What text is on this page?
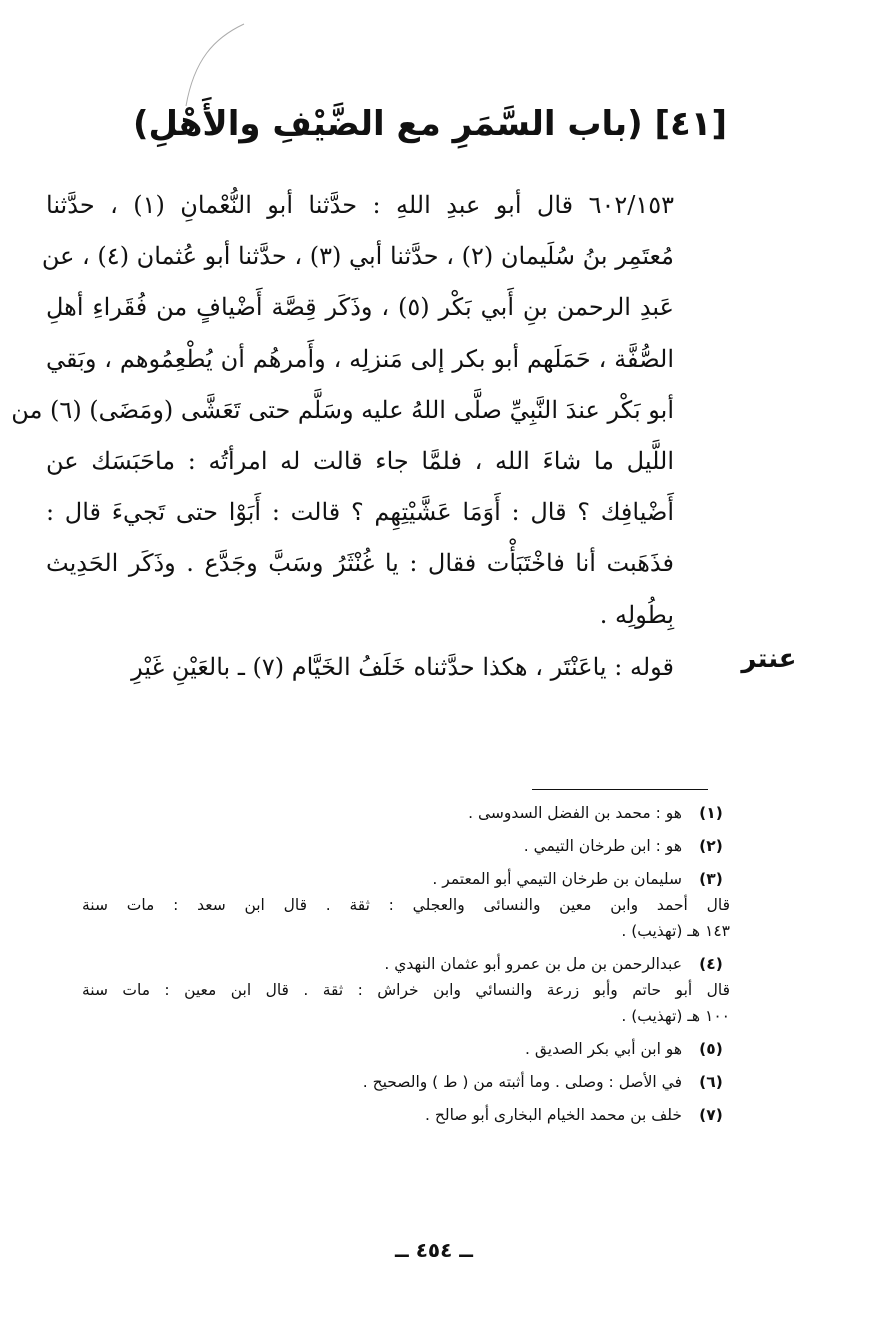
[٤١] (باب السَّمَرِ مع الضَّيْفِ والأَهْلِ)
٦٠٢/١٥٣ قال أبو عبدِ اللهِ : حدَّثنا أبو النُّعْمانِ (١) ، حدَّثنا
مُعتَمِر بنُ سُلَيمان (٢) ، حدَّثنا أبي (٣) ، حدَّثنا أبو عُثمان (٤) ، عن
عَبدِ الرحمن بنِ أَبي بَكْر (٥) ، وذَكَر قِصَّة أَضْيافٍ من فُقَراءِ أهلِ
الصُّفَّة ، حَمَلَهم أبو بكر إلى مَنزلِه ، وأَمرهُم أن يُطْعِمُوهم ، وبَقي
أبو بَكْر عندَ النَّبِيِّ صلَّى اللهُ عليه وسَلَّم حتى تَعَشَّى (ومَضَى) (٦) من
اللَّيل ما شاءَ الله ، فلمَّا جاء قالت له امرأتُه : ماحَبَسَك عن
أَضْيافِك ؟ قال : أَوَمَا عَشَّيْتِهِم ؟ قالت : أَبَوْا حتى تَجيءَ قال :
فذَهَبت أنا فاخْتَبَأْت فقال : يا غُنْثَرُ وسَبَّ وجَدَّع . وذَكَر الحَدِيث
بِطُولِه .
عنتر
قوله : ياعَنْتَر ، هكذا حدَّثناه خَلَفُ الخَيَّام (٧) ـ بالعَيْنِ غَيْرِ
(١)
هو : محمد بن الفضل السدوسى .
(٢)
هو : ابن طرخان التيمي .
(٣)
سليمان بن طرخان التيمي أبو المعتمر .
قال أحمد وابن معين والنسائى والعجلي : ثقة . قال ابن سعد : مات سنة
١٤٣ هـ (تهذيب) .
(٤)
عبدالرحمن بن مل بن عمرو أبو عثمان النهدي .
قال أبو حاتم وأبو زرعة والنسائي وابن خراش : ثقة . قال ابن معين : مات سنة
١٠٠ هـ (تهذيب) .
(٥)
هو ابن أبي بكر الصديق .
(٦)
في الأصل : وصلى . وما أثبته من ( ط ) والصحيح .
(٧)
خلف بن محمد الخيام البخارى أبو صالح .
ــ ٤٥٤ ــ
